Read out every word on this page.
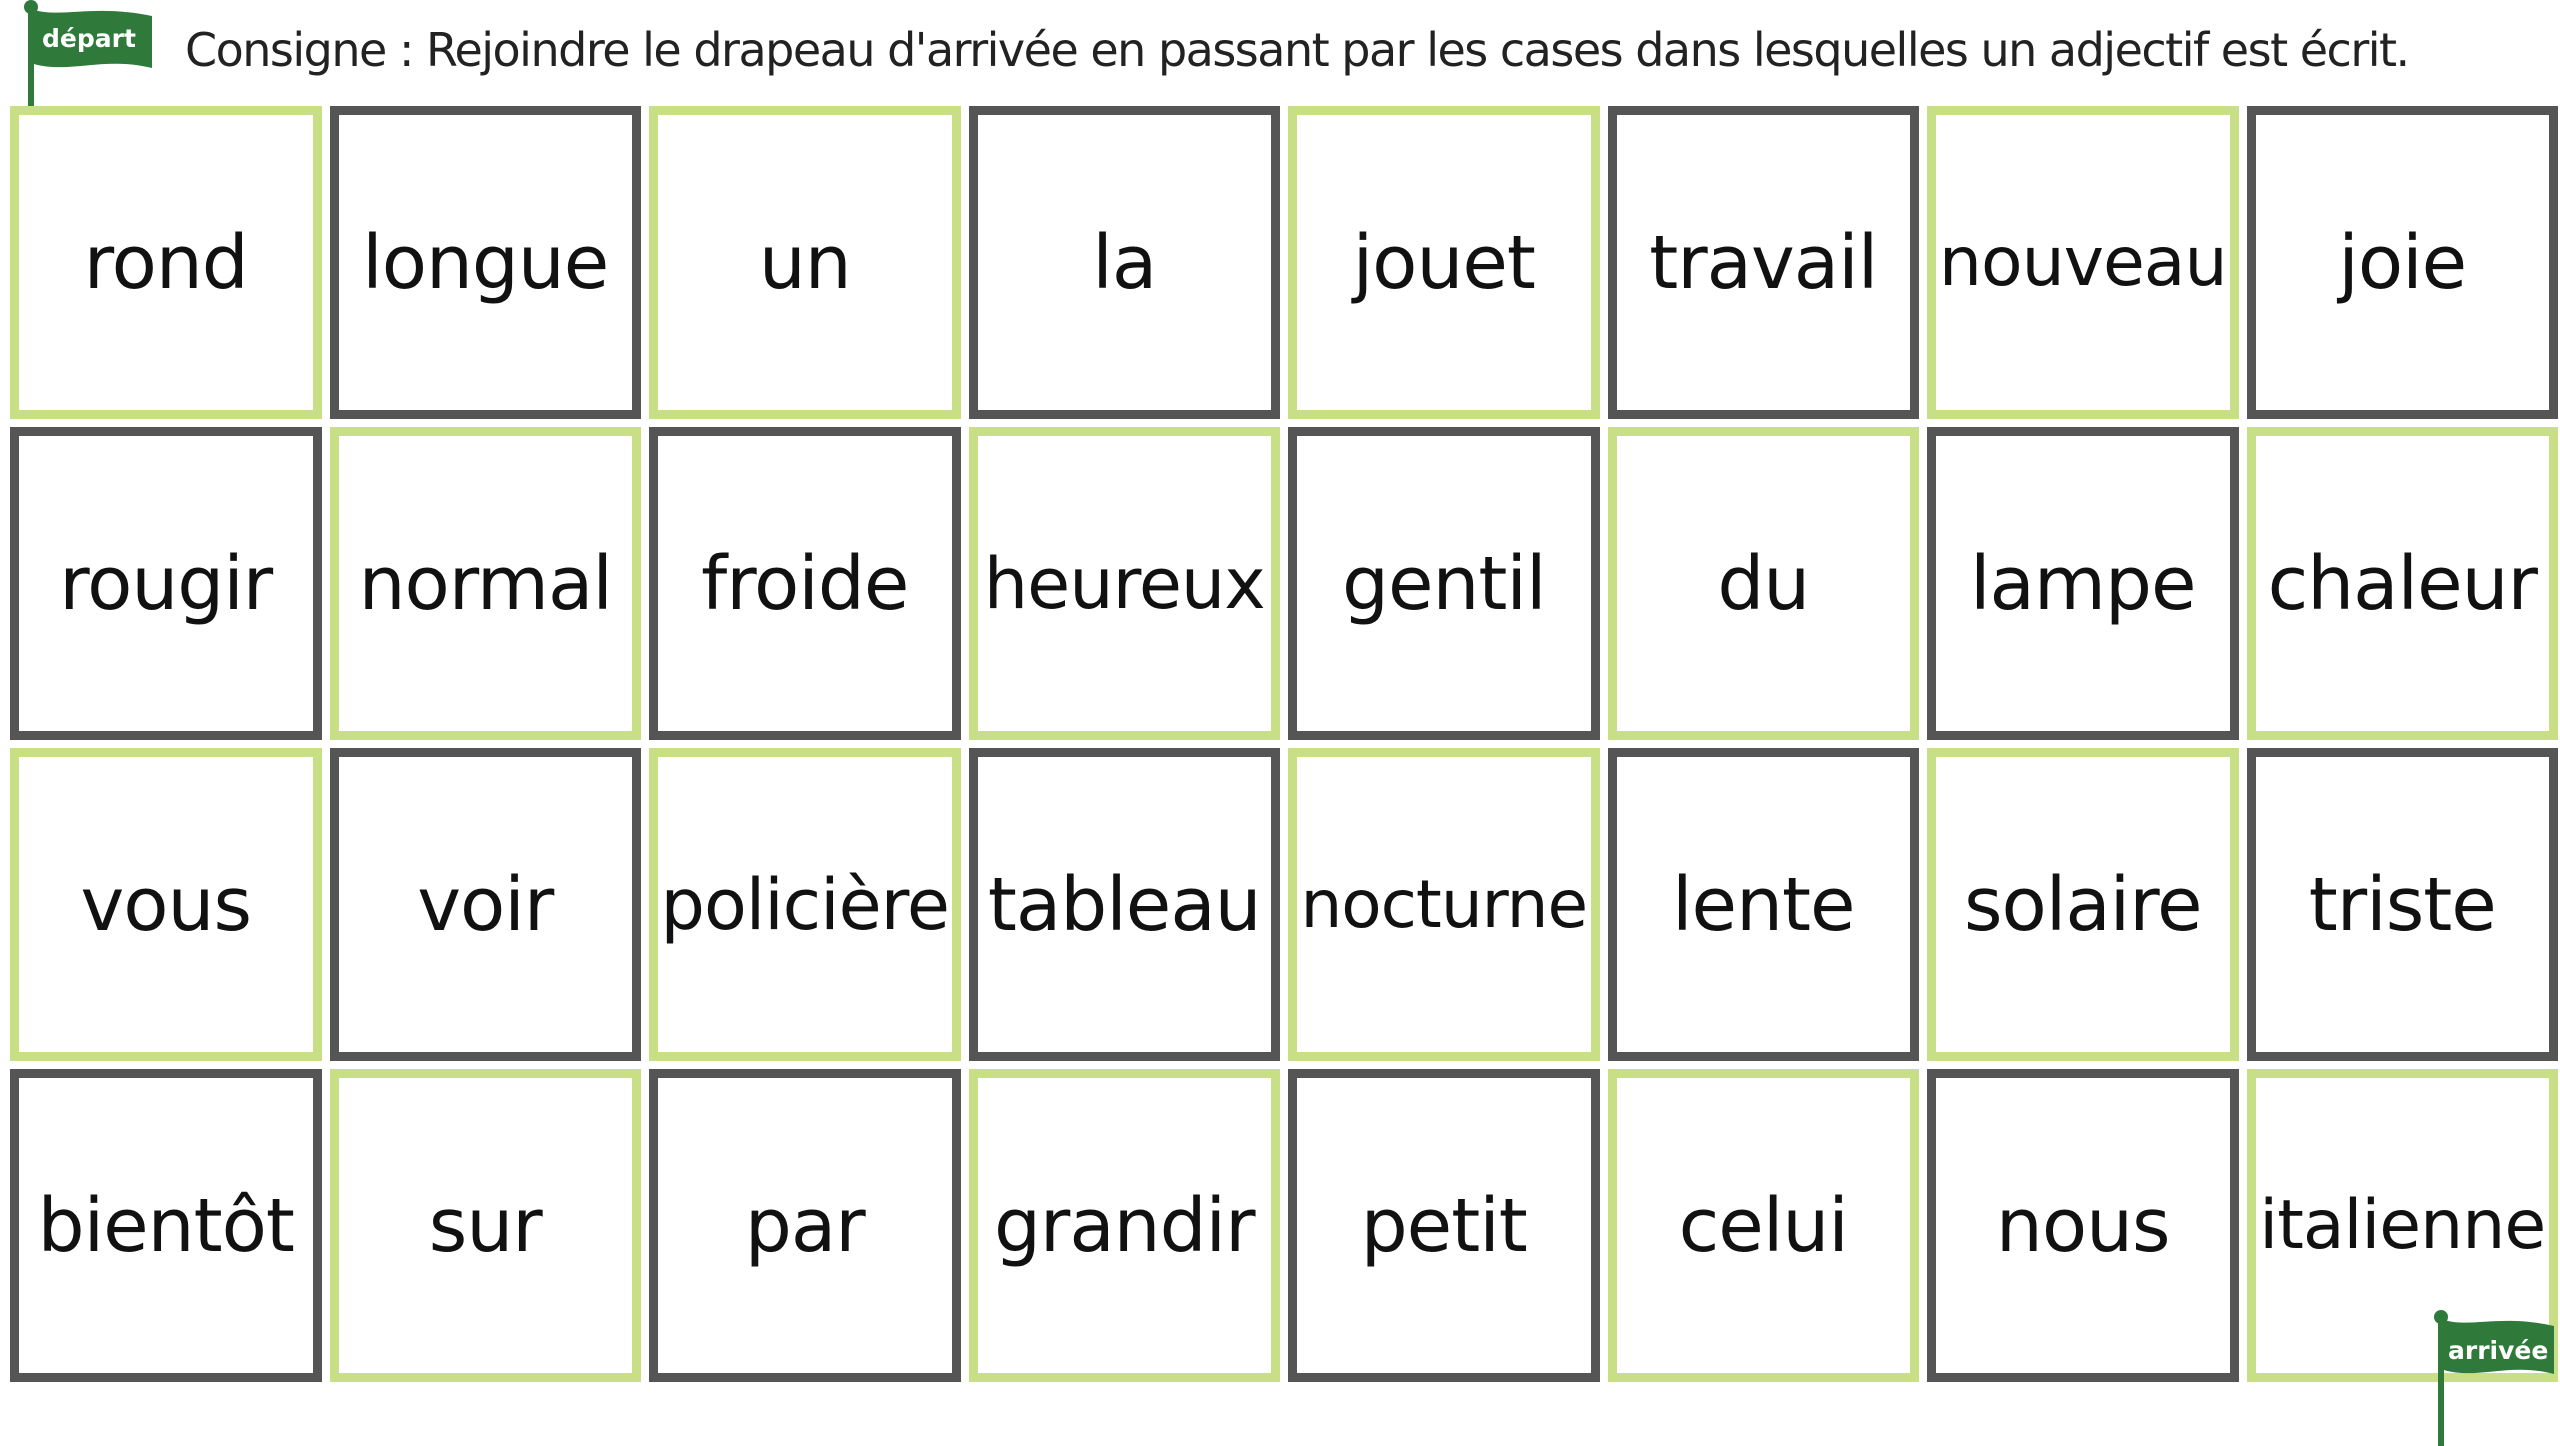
départ Consigne : Rejoindre le drapeau d'arrivée en passant par les cases dans lesquelles un adjectif est écrit.
rond longue un	la	jouet travail nouveau joie
rougir normal froide heureux gentil du lampe chaleur
vous voir policière tableau nocturne lente solaire triste
bientôt sur	par grandir petit celui nous italienne
arrivée
